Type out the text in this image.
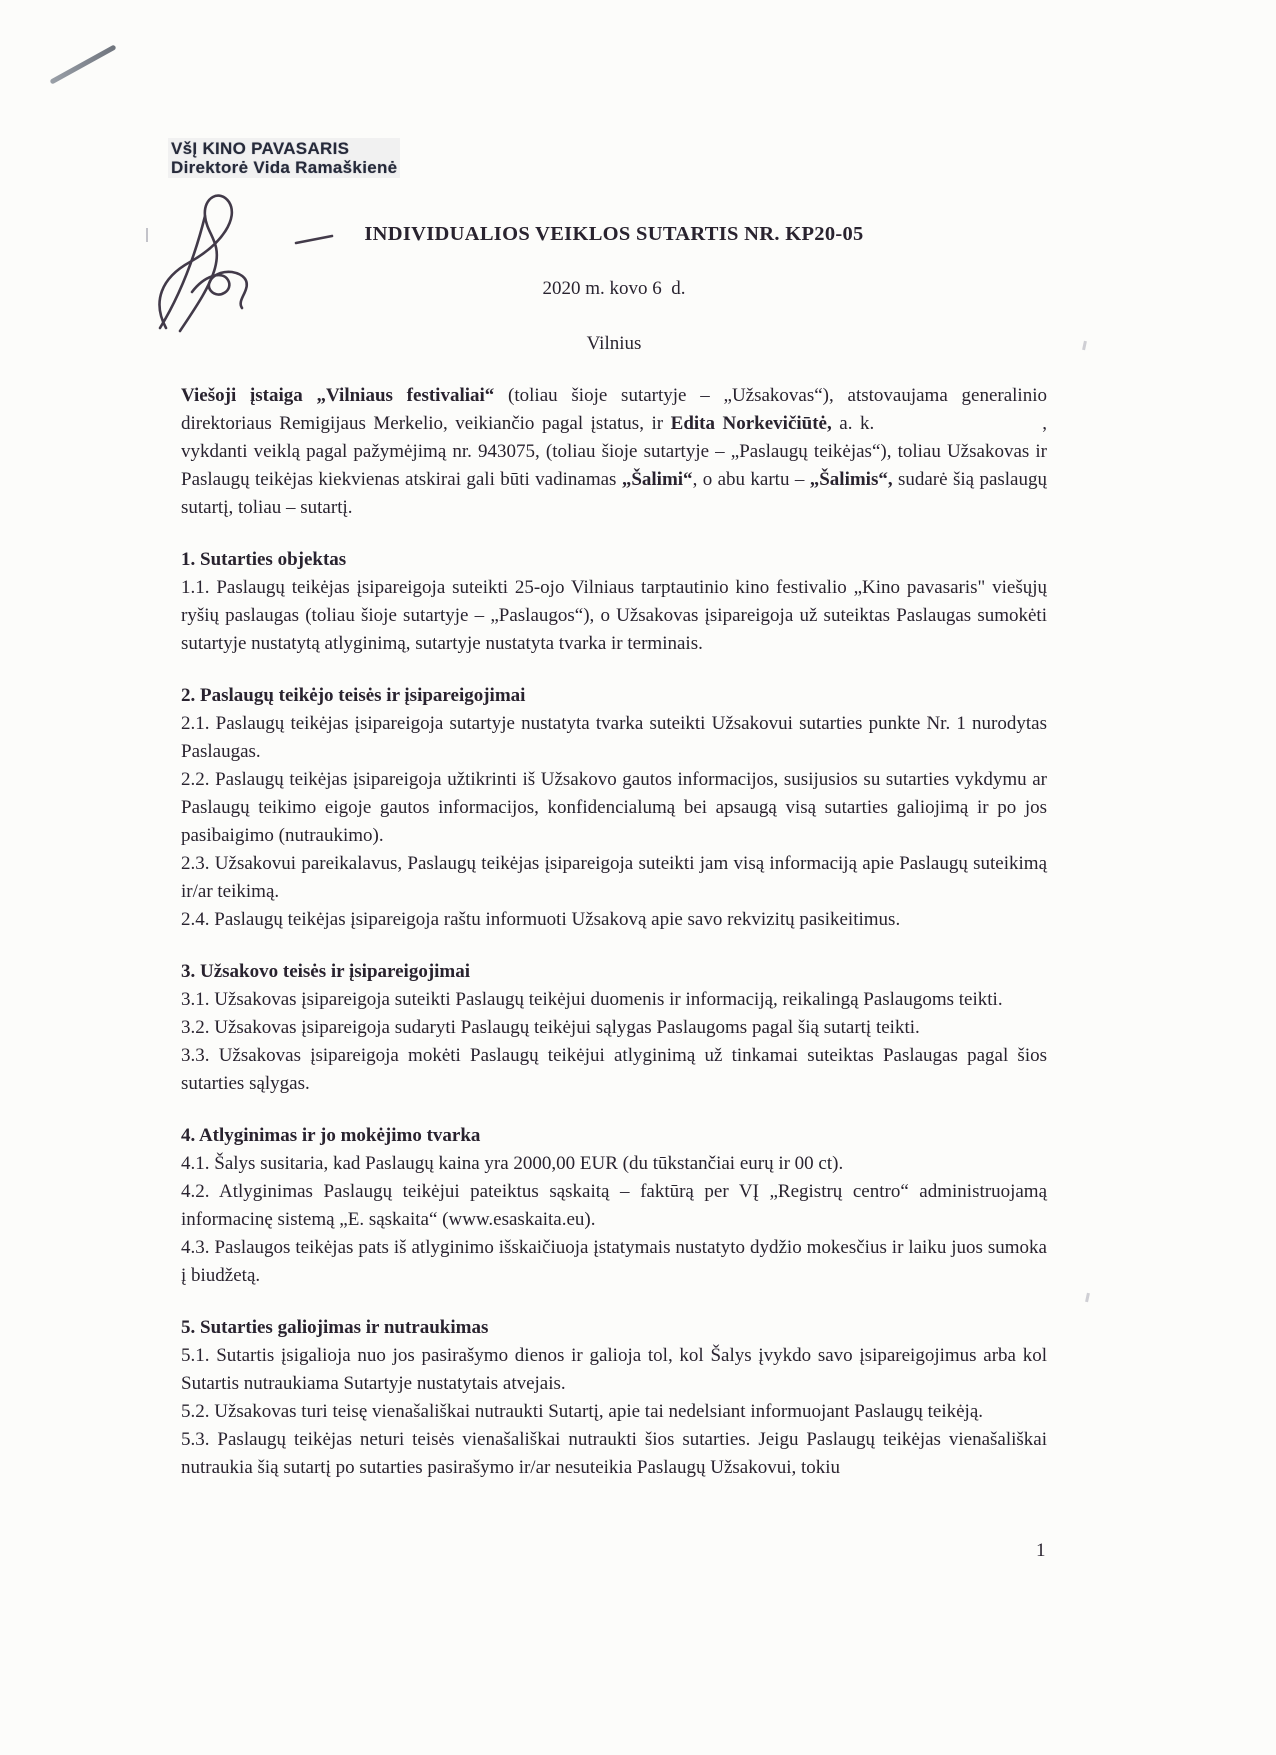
VšĮ KINO PAVASARIS
Direktorė Vida Ramaškienė

INDIVIDUALIOS VEIKLOS SUTARTIS NR. KP20-05

2020 m. kovo 6  d.

Vilnius

Viešoji įstaiga „Vilniaus festivaliai“ (toliau šioje sutartyje – „Užsakovas“), atstovaujama generalinio direktoriaus Remigijaus Merkelio, veikiančio pagal įstatus, ir Edita Norkevičiūtė, a. k.	, vykdanti veiklą pagal pažymėjimą nr. 943075, (toliau šioje sutartyje – „Paslaugų teikėjas“), toliau Užsakovas ir Paslaugų teikėjas kiekvienas atskirai gali būti vadinamas „Šalimi“, o abu kartu – „Šalimis“, sudarė šią paslaugų sutartį, toliau – sutartį.

1. Sutarties objektas

1.1. Paslaugų teikėjas įsipareigoja suteikti 25-ojo Vilniaus tarptautinio kino festivalio „Kino pavasaris" viešųjų ryšių paslaugas (toliau šioje sutartyje – „Paslaugos“), o Užsakovas įsipareigoja už suteiktas Paslaugas sumokėti sutartyje nustatytą atlyginimą, sutartyje nustatyta tvarka ir terminais.

2. Paslaugų teikėjo teisės ir įsipareigojimai

2.1. Paslaugų teikėjas įsipareigoja sutartyje nustatyta tvarka suteikti Užsakovui sutarties punkte Nr. 1 nurodytas Paslaugas.

2.2. Paslaugų teikėjas įsipareigoja užtikrinti iš Užsakovo gautos informacijos, susijusios su sutarties vykdymu ar Paslaugų teikimo eigoje gautos informacijos, konfidencialumą bei apsaugą visą sutarties galiojimą ir po jos pasibaigimo (nutraukimo).

2.3. Užsakovui pareikalavus, Paslaugų teikėjas įsipareigoja suteikti jam visą informaciją apie Paslaugų suteikimą ir/ar teikimą.

2.4. Paslaugų teikėjas įsipareigoja raštu informuoti Užsakovą apie savo rekvizitų pasikeitimus.

3. Užsakovo teisės ir įsipareigojimai

3.1. Užsakovas įsipareigoja suteikti Paslaugų teikėjui duomenis ir informaciją, reikalingą Paslaugoms teikti.

3.2. Užsakovas įsipareigoja sudaryti Paslaugų teikėjui sąlygas Paslaugoms pagal šią sutartį teikti.

3.3. Užsakovas įsipareigoja mokėti Paslaugų teikėjui atlyginimą už tinkamai suteiktas Paslaugas pagal šios sutarties sąlygas.

4. Atlyginimas ir jo mokėjimo tvarka

4.1. Šalys susitaria, kad Paslaugų kaina yra 2000,00 EUR (du tūkstančiai eurų ir 00 ct).

4.2. Atlyginimas Paslaugų teikėjui pateiktus sąskaitą – faktūrą per VĮ „Registrų centro“ administruojamą informacinę sistemą „E. sąskaita“ (www.esaskaita.eu).

4.3. Paslaugos teikėjas pats iš atlyginimo išskaičiuoja įstatymais nustatyto dydžio mokesčius ir laiku juos sumoka į biudžetą.

5. Sutarties galiojimas ir nutraukimas

5.1. Sutartis įsigalioja nuo jos pasirašymo dienos ir galioja tol, kol Šalys įvykdo savo įsipareigojimus arba kol Sutartis nutraukiama Sutartyje nustatytais atvejais.

5.2. Užsakovas turi teisę vienašališkai nutraukti Sutartį, apie tai nedelsiant informuojant Paslaugų teikėją.

5.3. Paslaugų teikėjas neturi teisės vienašališkai nutraukti šios sutarties. Jeigu Paslaugų teikėjas vienašališkai nutraukia šią sutartį po sutarties pasirašymo ir/ar nesuteikia Paslaugų Užsakovui, tokiu

1
